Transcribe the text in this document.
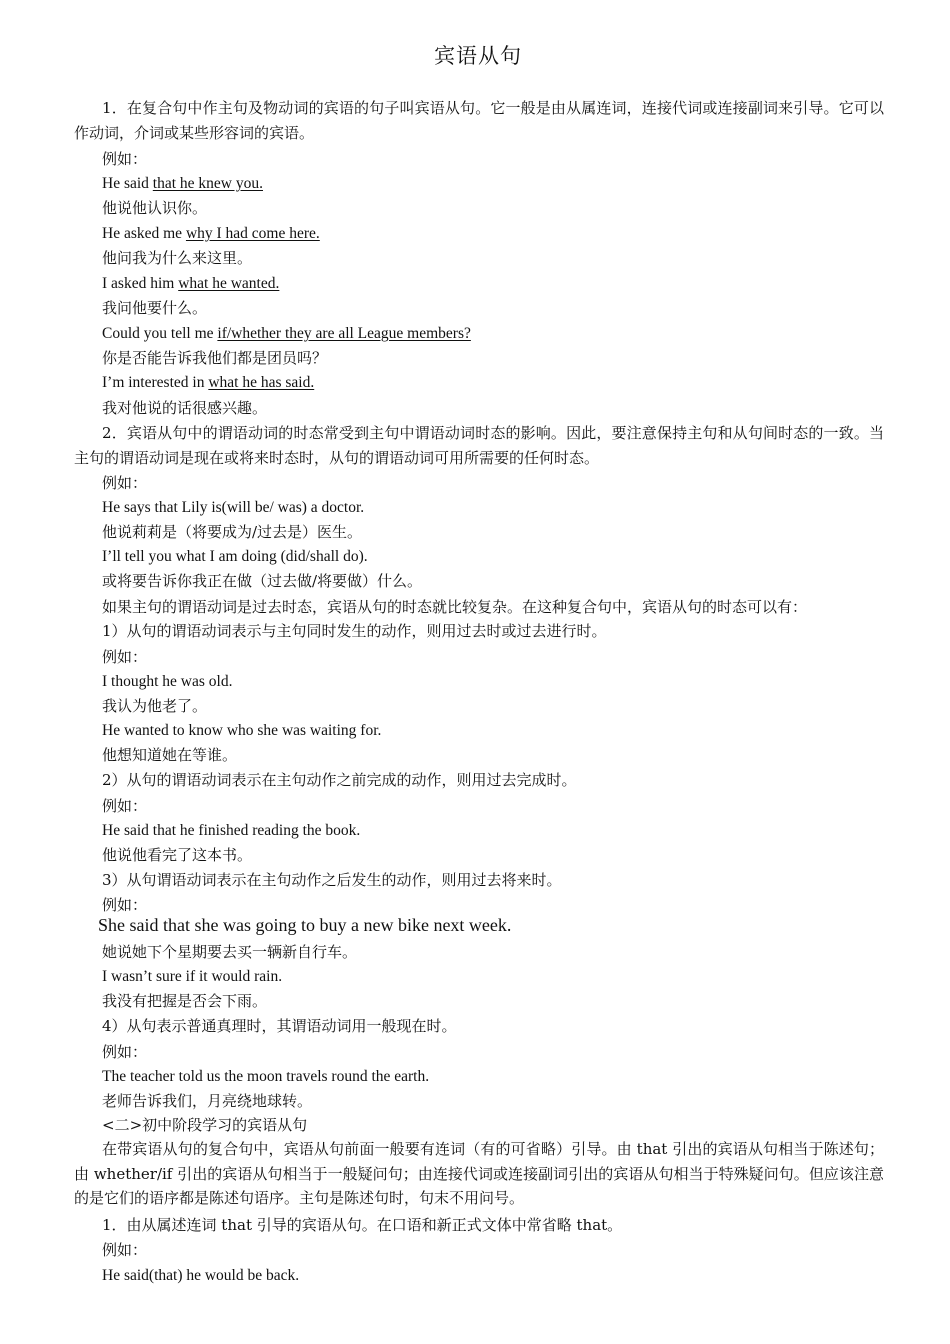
宾语从句
1．在复合句中作主句及物动词的宾语的句子叫宾语从句。它一般是由从属连词，连接代词或连接副词来引导。它可以作动词，介词或某些形容词的宾语。
例如：
He said that he knew you.
他说他认识你。
He asked me why I had come here.
他问我为什么来这里。
I asked him what he wanted.
我问他要什么。
Could you tell me if/whether they are all League members?
你是否能告诉我他们都是团员吗？
I’m interested in what he has said.
我对他说的话很感兴趣。
2．宾语从句中的谓语动词的时态常受到主句中谓语动词时态的影响。因此，要注意保持主句和从句间时态的一致。当主句的谓语动词是现在或将来时态时，从句的谓语动词可用所需要的任何时态。
例如：
He says that Lily is(will be/ was) a doctor.
他说莉莉是（将要成为/过去是）医生。
I’ll tell you what I am doing (did/shall do).
或将要告诉你我正在做（过去做/将要做）什么。
如果主句的谓语动词是过去时态，宾语从句的时态就比较复杂。在这种复合句中，宾语从句的时态可以有：
1）从句的谓语动词表示与主句同时发生的动作，则用过去时或过去进行时。
例如：
I thought he was old.
我认为他老了。
He wanted to know who she was waiting for.
他想知道她在等谁。
2）从句的谓语动词表示在主句动作之前完成的动作，则用过去完成时。
例如：
He said that he finished reading the book.
他说他看完了这本书。
3）从句谓语动词表示在主句动作之后发生的动作，则用过去将来时。
例如：
She said that she was going to buy a new bike next week.
她说她下个星期要去买一辆新自行车。
I wasn’t sure if it would rain.
我没有把握是否会下雨。
4）从句表示普通真理时，其谓语动词用一般现在时。
例如：
The teacher told us the moon travels round the earth.
老师告诉我们，月亮绕地球转。
<二>初中阶段学习的宾语从句
在带宾语从句的复合句中，宾语从句前面一般要有连词（有的可省略）引导。由 that 引出的宾语从句相当于陈述句；由 whether/if 引出的宾语从句相当于一般疑问句；由连接代词或连接副词引出的宾语从句相当于特殊疑问句。但应该注意的是它们的语序都是陈述句语序。主句是陈述句时，句末不用问号。
1．由从属述连词 that 引导的宾语从句。在口语和新正式文体中常省略 that。
例如：
He said(that) he would be back.
